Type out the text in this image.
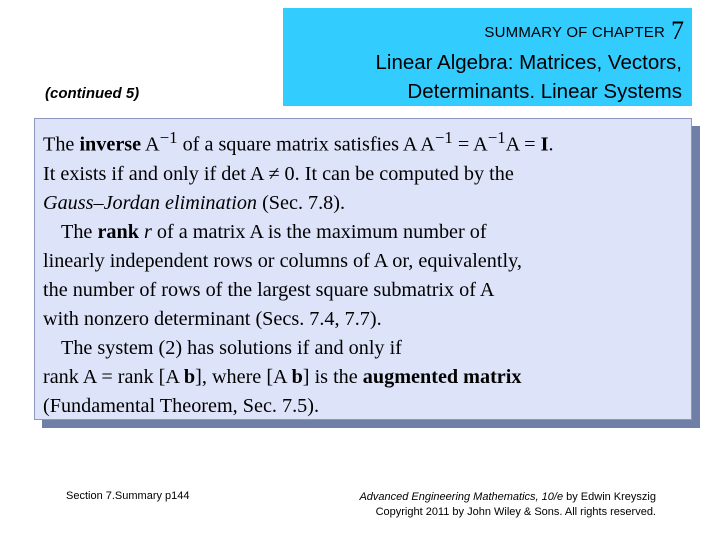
(continued 5)
SUMMARY OF CHAPTER 7
Linear Algebra: Matrices, Vectors,
Determinants. Linear Systems

The inverse $A^{-1}$ of a square matrix satisfies A $A^{-1} = A^{-1}A = I$.

It exists if and only if det A ≠ 0. It can be computed by the

Gauss–Jordan elimination (Sec. 7.8).

The rank r of a matrix A is the maximum number of

linearly independent rows or columns of A or, equivalently,

the number of rows of the largest square submatrix of A

with nonzero determinant (Secs. 7.4, 7.7).

The system (2) has solutions if and only if

rank A = rank [A b], where [A b] is the augmented matrix

(Fundamental Theorem, Sec. 7.5).

Section 7.Summary p144	Advanced Engineering Mathematics, 10/e by Edwin Kreyszig
Copyright 2011 by John Wiley & Sons. All rights reserved.
